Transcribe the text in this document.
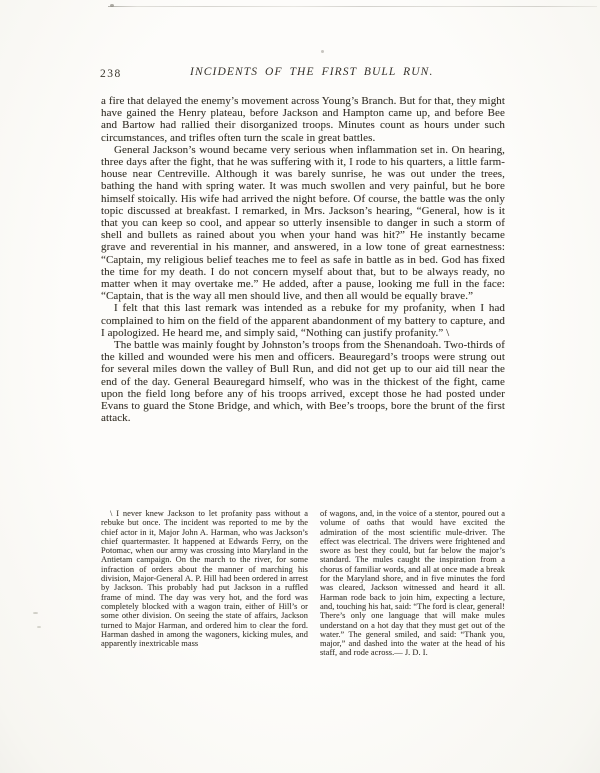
238	INCIDENTS OF THE FIRST BULL RUN.

a fire that delayed the enemy’s movement across Young’s Branch. But for that, they might have gained the Henry plateau, before Jackson and Hampton came up, and before Bee and Bartow had rallied their disorganized troops. Minutes count as hours under such circumstances, and trifles often turn the scale in great battles.

General Jackson’s wound became very serious when inflammation set in. On hearing, three days after the fight, that he was suffering with it, I rode to his quarters, a little farm-house near Centreville. Although it was barely sunrise, he was out under the trees, bathing the hand with spring water. It was much swollen and very painful, but he bore himself stoically. His wife had arrived the night before. Of course, the battle was the only topic discussed at breakfast. I remarked, in Mrs. Jackson’s hearing, “General, how is it that you can keep so cool, and appear so utterly insensible to danger in such a storm of shell and bullets as rained about you when your hand was hit?” He instantly became grave and reverential in his manner, and answered, in a low tone of great earnestness: “Captain, my religious belief teaches me to feel as safe in battle as in bed. God has fixed the time for my death. I do not concern myself about that, but to be always ready, no matter when it may overtake me.” He added, after a pause, looking me full in the face: “Captain, that is the way all men should live, and then all would be equally brave.”

I felt that this last remark was intended as a rebuke for my profanity, when I had complained to him on the field of the apparent abandonment of my battery to capture, and I apologized. He heard me, and simply said, “Nothing can justify profanity.” \

The battle was mainly fought by Johnston’s troops from the Shenandoah. Two-thirds of the killed and wounded were his men and officers. Beauregard’s troops were strung out for several miles down the valley of Bull Run, and did not get up to our aid till near the end of the day. General Beauregard himself, who was in the thickest of the fight, came upon the field long before any of his troops arrived, except those he had posted under Evans to guard the Stone Bridge, and which, with Bee’s troops, bore the brunt of the first attack.

\ I never knew Jackson to let profanity pass without a rebuke but once. The incident was reported to me by the chief actor in it, Major John A. Harman, who was Jackson’s chief quartermaster. It happened at Edwards Ferry, on the Potomac, when our army was crossing into Maryland in the Antietam campaign. On the march to the river, for some infraction of orders about the manner of marching his division, Major-General A. P. Hill had been ordered in arrest by Jackson. This probably had put Jackson in a ruffled frame of mind. The day was very hot, and the ford was completely blocked with a wagon train, either of Hill’s or some other division. On seeing the state of affairs, Jackson turned to Major Harman, and ordered him to clear the ford. Harman dashed in among the wagoners, kicking mules, and apparently inextricable mass
of wagons, and, in the voice of a stentor, poured out a volume of oaths that would have excited the admiration of the most scientific mule-driver. The effect was electrical. The drivers were frightened and swore as best they could, but far below the major’s standard. The mules caught the inspiration from a chorus of familiar words, and all at once made a break for the Maryland shore, and in five minutes the ford was cleared, Jackson witnessed and heard it all. Harman rode back to join him, expecting a lecture, and, touching his hat, said: “The ford is clear, general! There’s only one language that will make mules understand on a hot day that they must get out of the water.” The general smiled, and said: “Thank you, major,” and dashed into the water at the head of his staff, and rode across.— J. D. I.
